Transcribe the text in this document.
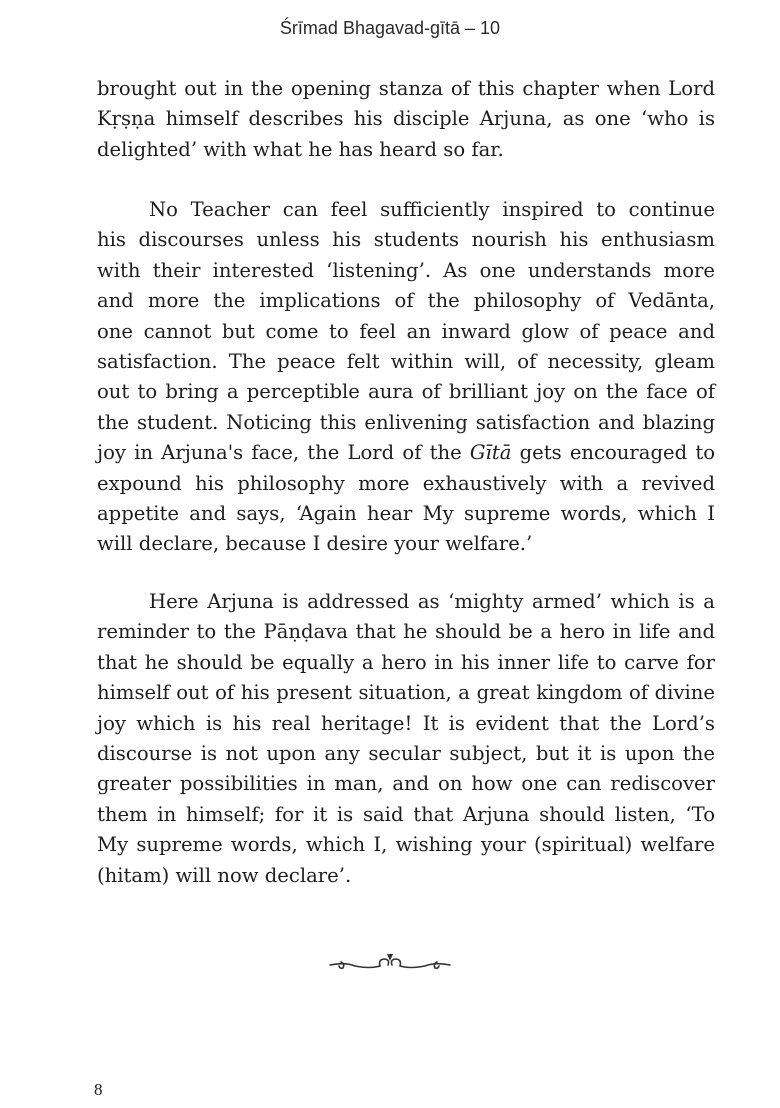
Śrīmad Bhagavad-gītā – 10
brought out in the opening stanza of this chapter when Lord
Kṛṣṇa himself describes his disciple Arjuna, as one ‘who is
delighted’ with what he has heard so far.
No Teacher can feel sufficiently inspired to continue
his discourses unless his students nourish his enthusiasm
with their interested ‘listening’. As one understands more
and more the implications of the philosophy of Vedānta,
one cannot but come to feel an inward glow of peace and
satisfaction. The peace felt within will, of necessity, gleam
out to bring a perceptible aura of brilliant joy on the face of
the student. Noticing this enlivening satisfaction and blazing
joy in Arjuna's face, the Lord of the Gītā gets encouraged to
expound his philosophy more exhaustively with a revived
appetite and says, ‘Again hear My supreme words, which I
will declare, because I desire your welfare.’
Here Arjuna is addressed as ‘mighty armed’ which is a
reminder to the Pāṇḍava that he should be a hero in life and
that he should be equally a hero in his inner life to carve for
himself out of his present situation, a great kingdom of divine
joy which is his real heritage! It is evident that the Lord’s
discourse is not upon any secular subject, but it is upon the
greater possibilities in man, and on how one can rediscover
them in himself; for it is said that Arjuna should listen, ‘To
My supreme words, which I, wishing your (spiritual) welfare
(hitam) will now declare’.
8
